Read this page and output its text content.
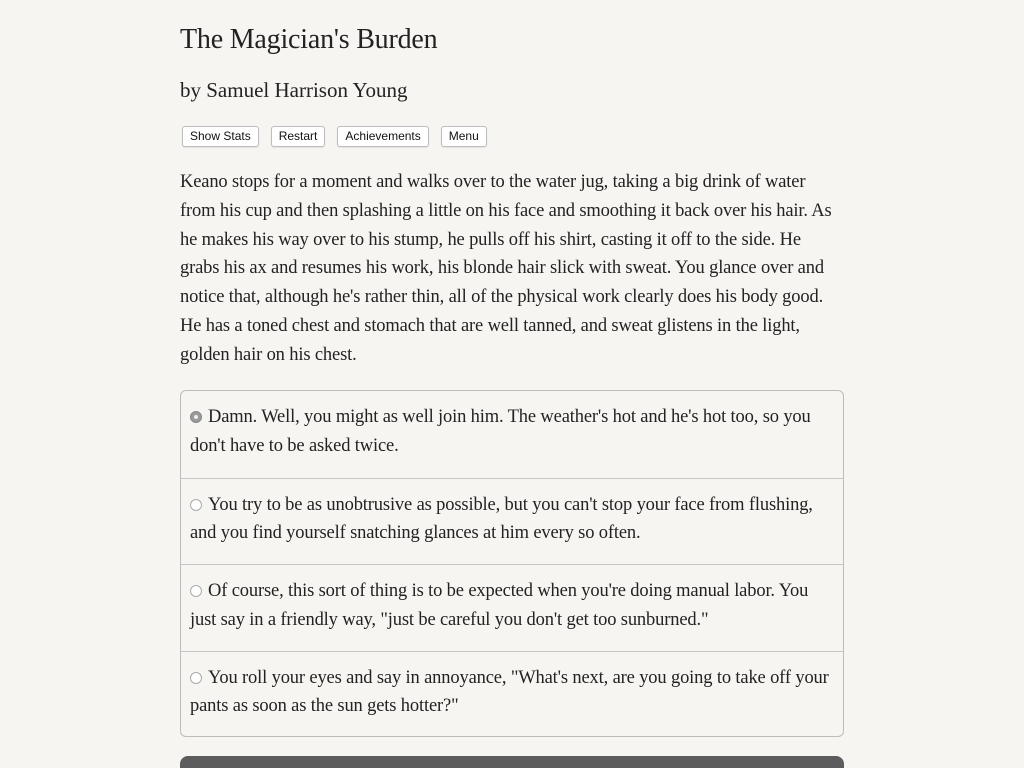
The Magician's Burden
by Samuel Harrison Young
Show Stats	Restart	Achievements	Menu

Keano stops for a moment and walks over to the water jug, taking a big drink of water from his cup and then splashing a little on his face and smoothing it back over his hair. As he makes his way over to his stump, he pulls off his shirt, casting it off to the side. He grabs his ax and resumes his work, his blonde hair slick with sweat. You glance over and notice that, although he's rather thin, all of the physical work clearly does his body good. He has a toned chest and stomach that are well tanned, and sweat glistens in the light, golden hair on his chest.

Damn. Well, you might as well join him. The weather's hot and he's hot too, so you don't have to be asked twice.
You try to be as unobtrusive as possible, but you can't stop your face from flushing, and you find yourself snatching glances at him every so often.
Of course, this sort of thing is to be expected when you're doing manual labor. You just say in a friendly way, "just be careful you don't get too sunburned."
You roll your eyes and say in annoyance, "What's next, are you going to take off your pants as soon as the sun gets hotter?"
